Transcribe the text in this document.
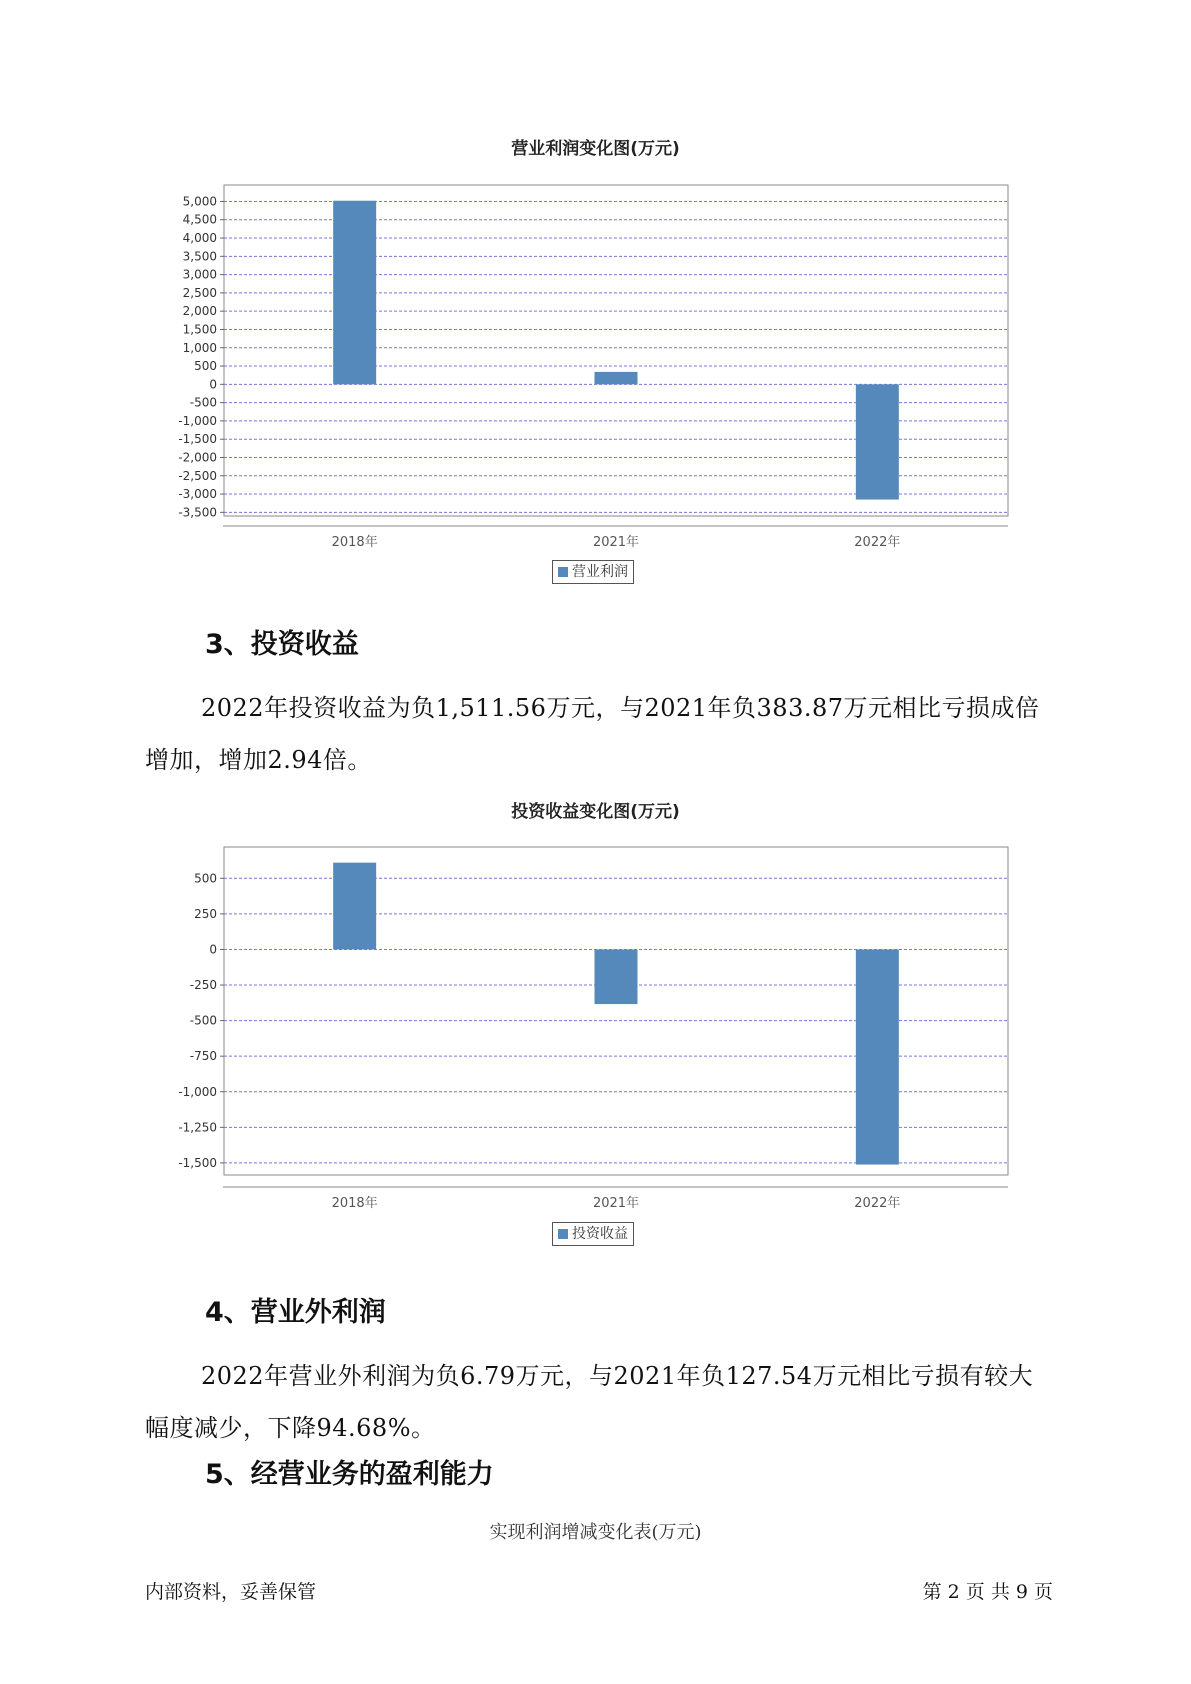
营业利润变化图(万元)
5,000
4,500
4,000
3,500
3,000
2,500
2,000
1,500
1,000
500
0
-500
-1,000
-1,500
-2,000
-2,500
-3,000
-3,500
2018年	2021年	2022年
营业利润
3、投资收益
2022年投资收益为负1,511.56万元，与2021年负383.87万元相比亏损成倍增加，增加2.94倍。
投资收益变化图(万元)
500
250
0
-250
-500
-750
-1,000
-1,250
-1,500
2018年	2021年	2022年
投资收益
4、营业外利润
2022年营业外利润为负6.79万元，与2021年负127.54万元相比亏损有较大幅度减少，下降94.68%。
5、经营业务的盈利能力
实现利润增减变化表(万元)
内部资料，妥善保管	第 2 页 共 9 页
